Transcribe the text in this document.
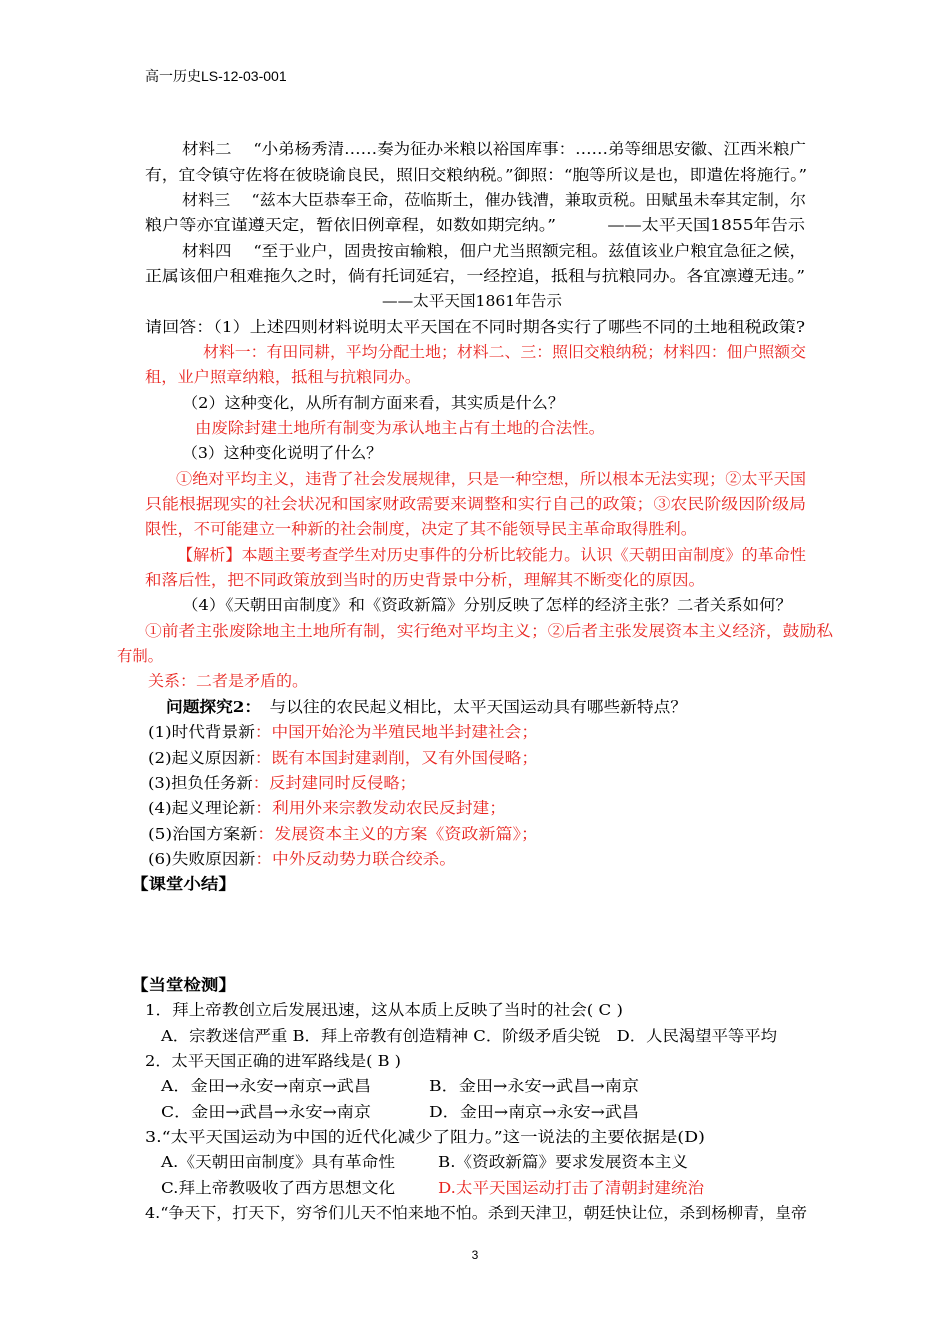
高一历史LS-12-03-001
材料二　 “小弟杨秀清……奏为征办米粮以裕国库事：……弟等细思安徽、江西米粮广
有，宜令镇守佐将在彼晓谕良民，照旧交粮纳税。”御照：“胞等所议是也，即遣佐将施行。”
材料三　 “兹本大臣恭奉王命，莅临斯土，催办钱漕，兼取贡税。田赋虽未奉其定制，尔
粮户等亦宜谨遵天定，暂依旧例章程，如数如期完纳。”　　　——太平天国1855年告示
材料四　 “至于业户，固贵按亩输粮，佃户尤当照额完租。兹值该业户粮宜急征之候，
正属该佃户租难拖久之时，倘有托词延宕，一经控追，抵租与抗粮同办。各宜凛遵无违。”
——太平天国1861年告示
请回答：（1）上述四则材料说明太平天国在不同时期各实行了哪些不同的土地租税政策?
材料一：有田同耕，平均分配土地；材料二、三：照旧交粮纳税；材料四：佃户照额交
租，业户照章纳粮，抵租与抗粮同办。
（2）这种变化，从所有制方面来看，其实质是什么？
由废除封建土地所有制变为承认地主占有土地的合法性。
（3）这种变化说明了什么？
①绝对平均主义，违背了社会发展规律，只是一种空想，所以根本无法实现；②太平天国
只能根据现实的社会状况和国家财政需要来调整和实行自己的政策；③农民阶级因阶级局
限性，不可能建立一种新的社会制度，决定了其不能领导民主革命取得胜利。
【解析】本题主要考查学生对历史事件的分析比较能力。认识《天朝田亩制度》的革命性
和落后性，把不同政策放到当时的历史背景中分析，理解其不断变化的原因。
（4）《天朝田亩制度》和《资政新篇》分别反映了怎样的经济主张？二者关系如何？
①前者主张废除地主土地所有制，实行绝对平均主义；②后者主张发展资本主义经济，鼓励私
有制。
关系：二者是矛盾的。
问题探究2：　与以往的农民起义相比，太平天国运动具有哪些新特点？
(1)时代背景新：中国开始沦为半殖民地半封建社会；
(2)起义原因新：既有本国封建剥削，又有外国侵略；
(3)担负任务新：反封建同时反侵略；
(4)起义理论新：利用外来宗教发动农民反封建；
(5)治国方案新：发展资本主义的方案《资政新篇》；
(6)失败原因新：中外反动势力联合绞杀。
【课堂小结】
【当堂检测】
1．拜上帝教创立后发展迅速，这从本质上反映了当时的社会( C )
A．宗教迷信严重 B．拜上帝教有创造精神 C．阶级矛盾尖锐　D．人民渴望平等平均
2．太平天国正确的进军路线是( B )
A．金田→永安→南京→武昌	B．金田→永安→武昌→南京
C．金田→武昌→永安→南京	D．金田→南京→永安→武昌
3.“太平天国运动为中国的近代化减少了阻力。”这一说法的主要依据是(D)
A.《天朝田亩制度》具有革命性	B.《资政新篇》要求发展资本主义
C.拜上帝教吸收了西方思想文化	D.太平天国运动打击了清朝封建统治
4.“争天下，打天下，穷爷们儿天不怕来地不怕。杀到天津卫，朝廷快让位，杀到杨柳青，皇帝
3
